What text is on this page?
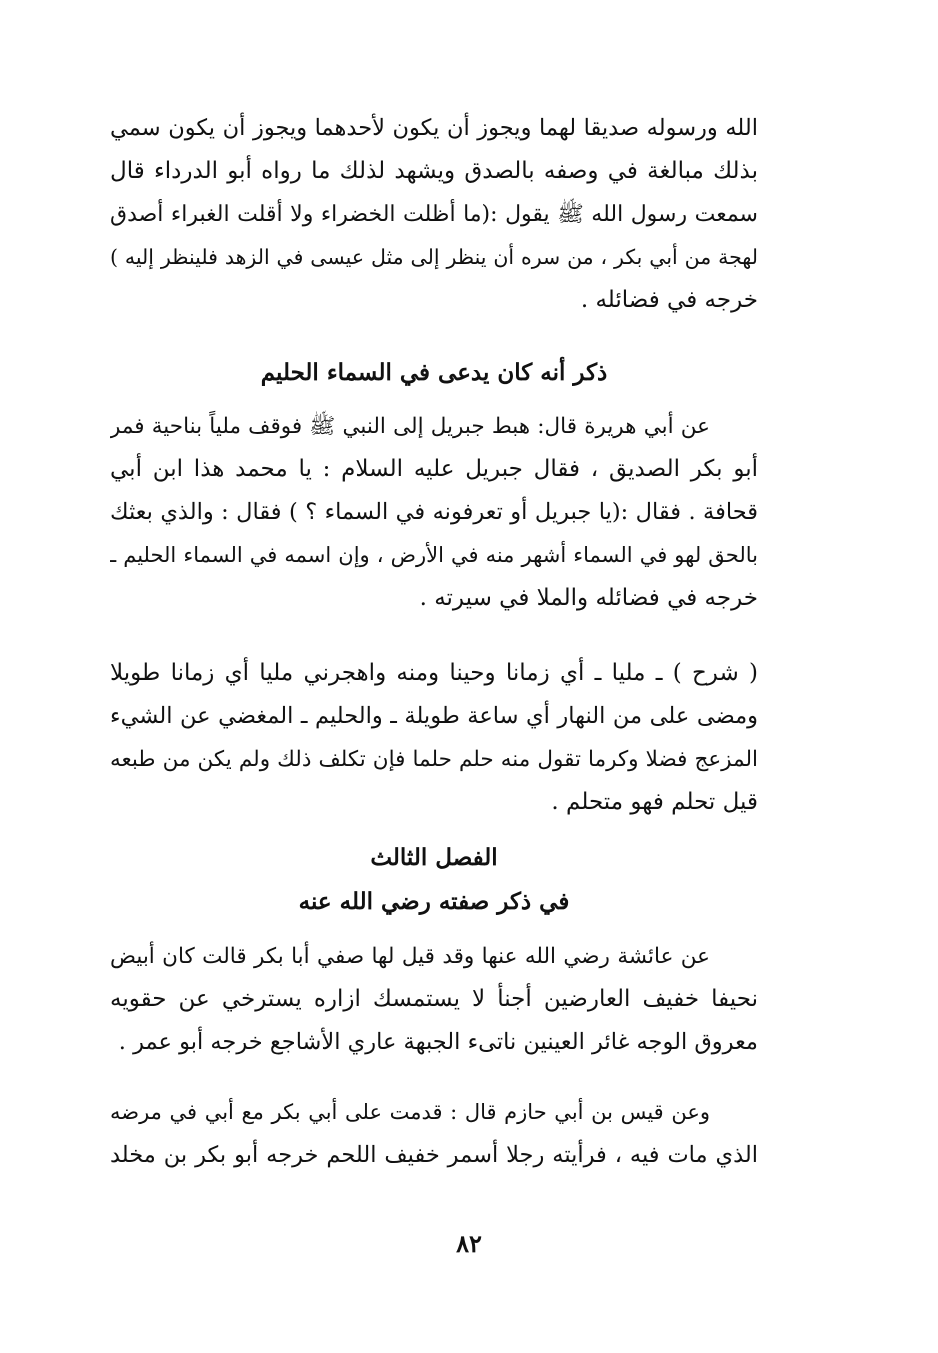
الله ورسوله صديقا لهما ويجوز أن يكون لأحدهما ويجوز أن يكون سمي
بذلك مبالغة في وصفه بالصدق ويشهد لذلك ما رواه أبو الدرداء قال
سمعت رسول الله ﷺ يقول :(ما أظلت الخضراء ولا أقلت الغبراء أصدق
لهجة من أبي بكر ، من سره أن ينظر إلى مثل عيسى في الزهد فلينظر إليه )
خرجه في فضائله .
ذكر أنه كان يدعى في السماء الحليم
عن أبي هريرة قال: هبط جبريل إلى النبي ﷺ فوقف ملياً بناحية فمر
أبو بكر الصديق ، فقال جبريل عليه السلام : يا محمد هذا ابن أبي
قحافة . فقال :(يا جبريل أو تعرفونه في السماء ؟ ) فقال : والذي بعثك
بالحق لهو في السماء أشهر منه في الأرض ، وإن اسمه في السماء الحليم ـ
خرجه في فضائله والملا في سيرته .
( شرح ) ـ مليا ـ أي زمانا وحينا ومنه واهجرني مليا أي زمانا طويلا
ومضى على من النهار أي ساعة طويلة ـ والحليم ـ المغضي عن الشيء
المزعج فضلا وكرما تقول منه حلم حلما فإن تكلف ذلك ولم يكن من طبعه
قيل تحلم فهو متحلم .
الفصل الثالث
في ذكر صفته رضي الله عنه
عن عائشة رضي الله عنها وقد قيل لها صفي أبا بكر قالت كان أبيض
نحيفا خفيف العارضين أجنأ لا يستمسك ازاره يسترخي عن حقويه
معروق الوجه غائر العينين ناتىء الجبهة عاري الأشاجع خرجه أبو عمر .
وعن قيس بن أبي حازم قال : قدمت على أبي بكر مع أبي في مرضه
الذي مات فيه ، فرأيته رجلا أسمر خفيف اللحم خرجه أبو بكر بن مخلد
٨٢
